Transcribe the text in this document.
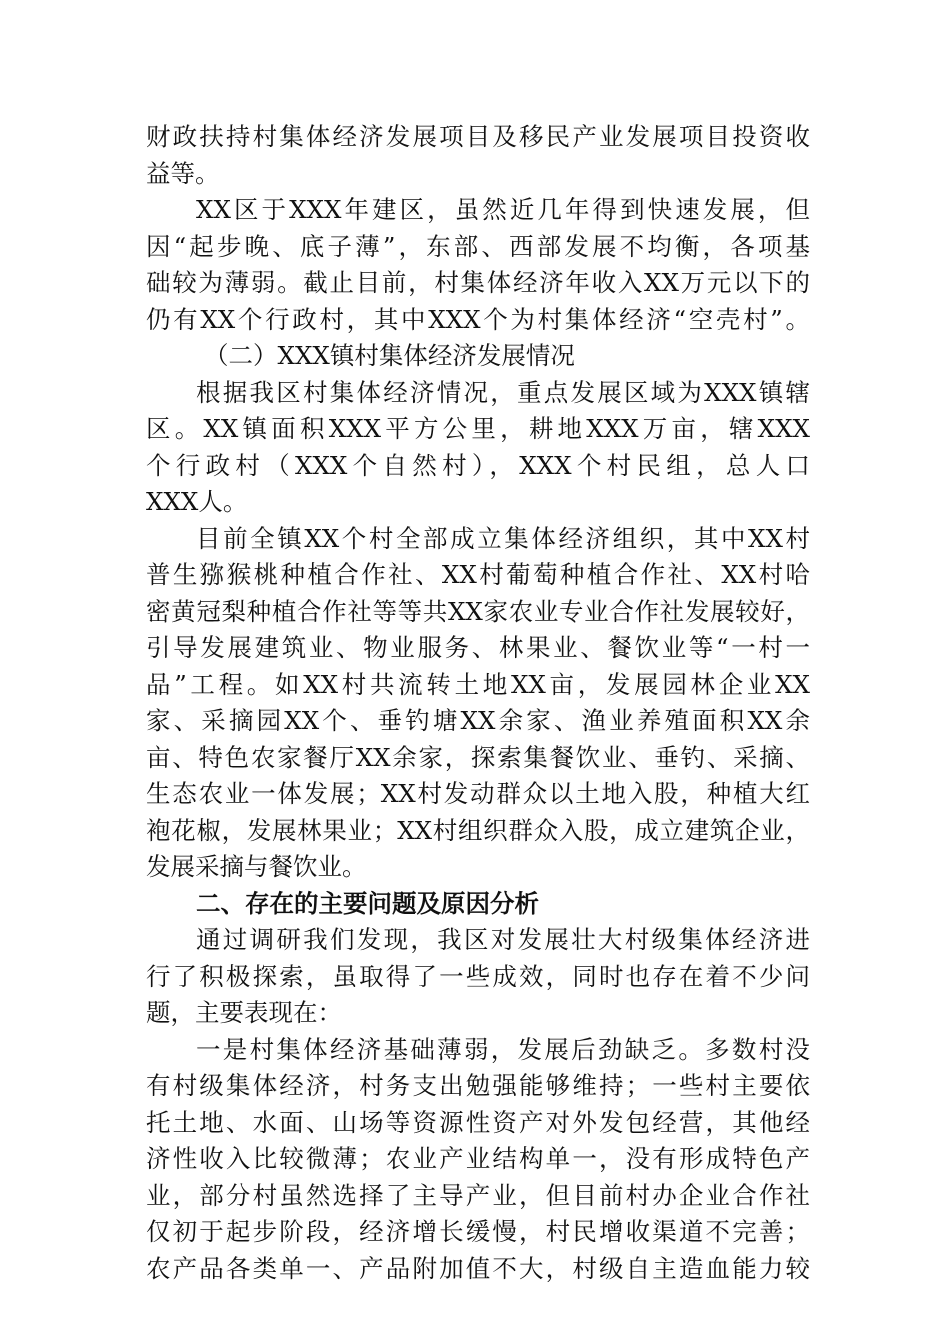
财政扶持村集体经济发展项目及移民产业发展项目投资收
益等。
XX区于XXX年建区，虽然近几年得到快速发展，但
因“起步晚、底子薄”，东部、西部发展不均衡，各项基
础较为薄弱。截止目前，村集体经济年收入XX万元以下的
仍有XX个行政村，其中XXX个为村集体经济“空壳村”。
（二）XXX镇村集体经济发展情况
根据我区村集体经济情况，重点发展区域为XXX镇辖
区。XX镇面积XXX平方公里，耕地XXX万亩，辖XXX
个行政村（XXX个自然村），XXX个村民组，总人口
XXX人。
目前全镇XX个村全部成立集体经济组织，其中XX村
普生猕猴桃种植合作社、XX村葡萄种植合作社、XX村哈
密黄冠梨种植合作社等等共XX家农业专业合作社发展较好，
引导发展建筑业、物业服务、林果业、餐饮业等“一村一
品”工程。如XX村共流转土地XX亩，发展园林企业XX
家、采摘园XX个、垂钓塘XX余家、渔业养殖面积XX余
亩、特色农家餐厅XX余家，探索集餐饮业、垂钓、采摘、
生态农业一体发展；XX村发动群众以土地入股，种植大红
袍花椒，发展林果业；XX村组织群众入股，成立建筑企业，
发展采摘与餐饮业。
二、存在的主要问题及原因分析
通过调研我们发现，我区对发展壮大村级集体经济进
行了积极探索，虽取得了一些成效，同时也存在着不少问
题，主要表现在：
一是村集体经济基础薄弱，发展后劲缺乏。多数村没
有村级集体经济，村务支出勉强能够维持；一些村主要依
托土地、水面、山场等资源性资产对外发包经营，其他经
济性收入比较微薄；农业产业结构单一，没有形成特色产
业，部分村虽然选择了主导产业，但目前村办企业合作社
仅初于起步阶段，经济增长缓慢，村民增收渠道不完善；
农产品各类单一、产品附加值不大，村级自主造血能力较
